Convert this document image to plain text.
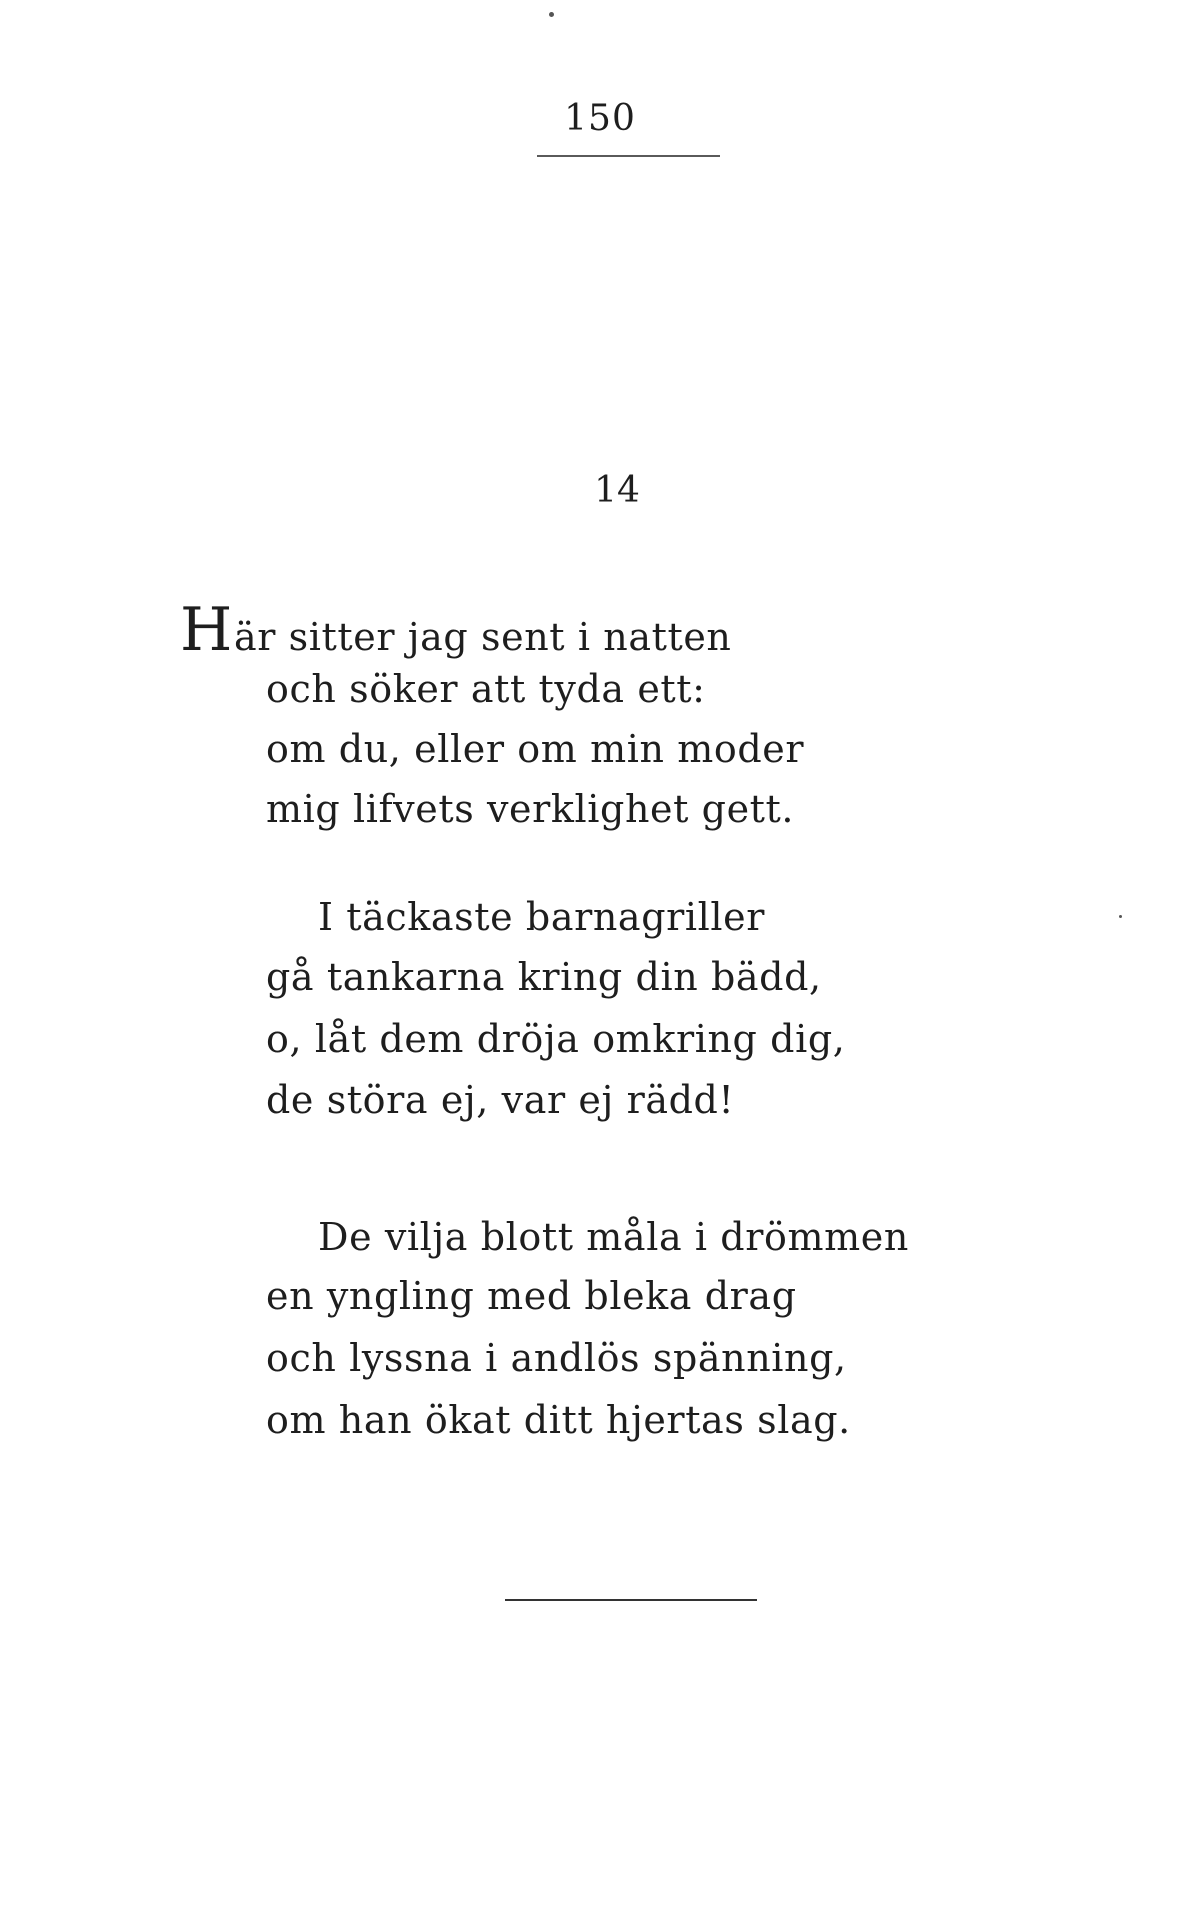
150
14
Här sitter jag sent i natten
och söker att tyda ett:
om du, eller om min moder
mig lifvets verklighet gett.
I täckaste barnagriller
gå tankarna kring din bädd,
o, låt dem dröja omkring dig,
de störa ej, var ej rädd!
De vilja blott måla i drömmen
en yngling med bleka drag
och lyssna i andlös spänning,
om han ökat ditt hjertas slag.
